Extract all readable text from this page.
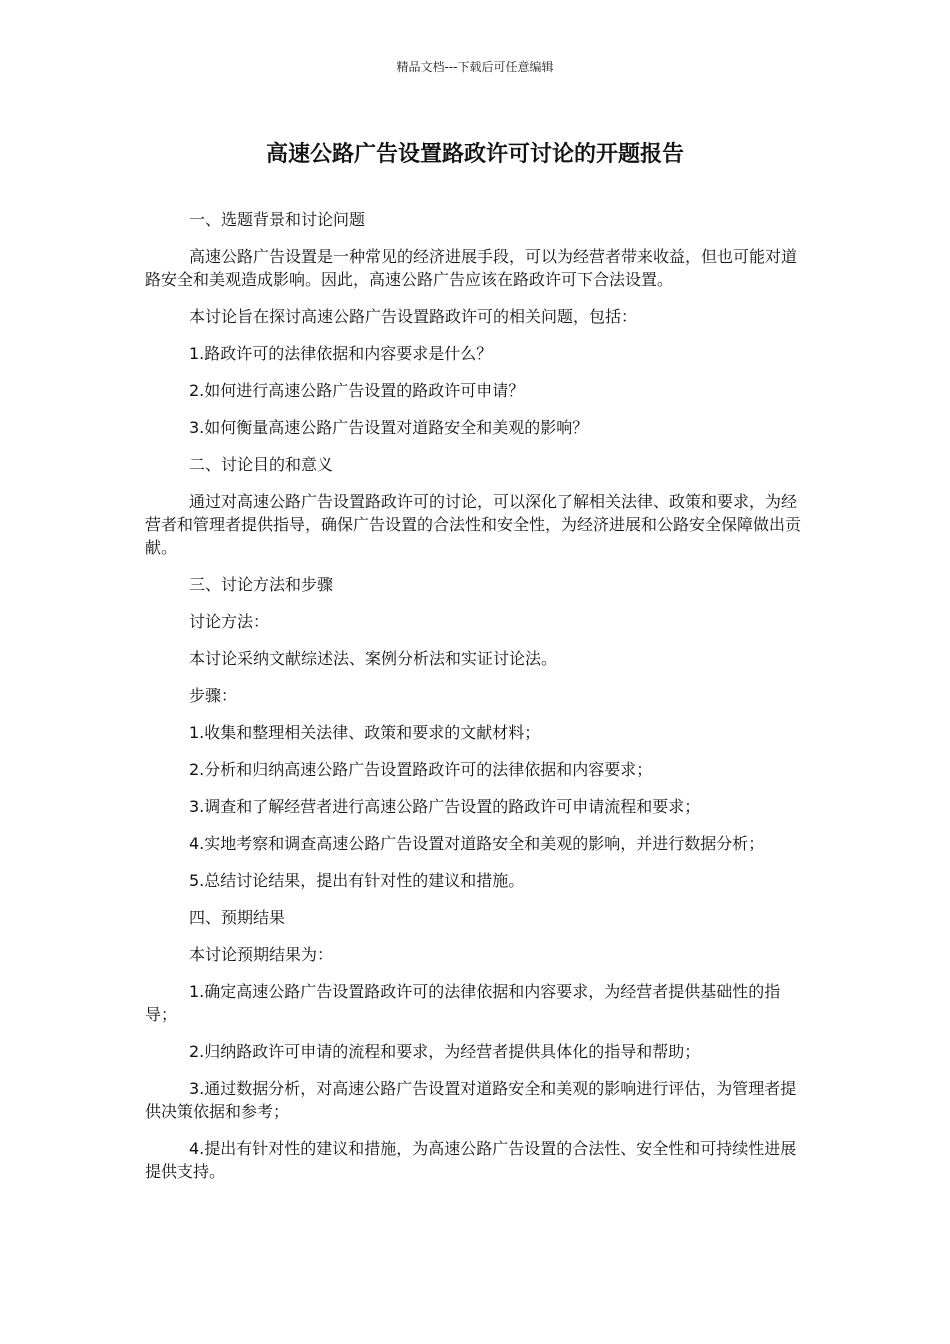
精品文档---下载后可任意编辑
高速公路广告设置路政许可讨论的开题报告

一、选题背景和讨论问题

高速公路广告设置是一种常见的经济进展手段，可以为经营者带来收益，但也可能对道路安全和美观造成影响。因此，高速公路广告应该在路政许可下合法设置。

本讨论旨在探讨高速公路广告设置路政许可的相关问题，包括：

1.路政许可的法律依据和内容要求是什么？

2.如何进行高速公路广告设置的路政许可申请？

3.如何衡量高速公路广告设置对道路安全和美观的影响？

二、讨论目的和意义

通过对高速公路广告设置路政许可的讨论，可以深化了解相关法律、政策和要求，为经营者和管理者提供指导，确保广告设置的合法性和安全性，为经济进展和公路安全保障做出贡献。

三、讨论方法和步骤

讨论方法：

本讨论采纳文献综述法、案例分析法和实证讨论法。

步骤：

1.收集和整理相关法律、政策和要求的文献材料；

2.分析和归纳高速公路广告设置路政许可的法律依据和内容要求；

3.调查和了解经营者进行高速公路广告设置的路政许可申请流程和要求；

4.实地考察和调查高速公路广告设置对道路安全和美观的影响，并进行数据分析；

5.总结讨论结果，提出有针对性的建议和措施。

四、预期结果

本讨论预期结果为：

1.确定高速公路广告设置路政许可的法律依据和内容要求，为经营者提供基础性的指导；

2.归纳路政许可申请的流程和要求，为经营者提供具体化的指导和帮助；

3.通过数据分析，对高速公路广告设置对道路安全和美观的影响进行评估，为管理者提供决策依据和参考；

4.提出有针对性的建议和措施，为高速公路广告设置的合法性、安全性和可持续性进展提供支持。
